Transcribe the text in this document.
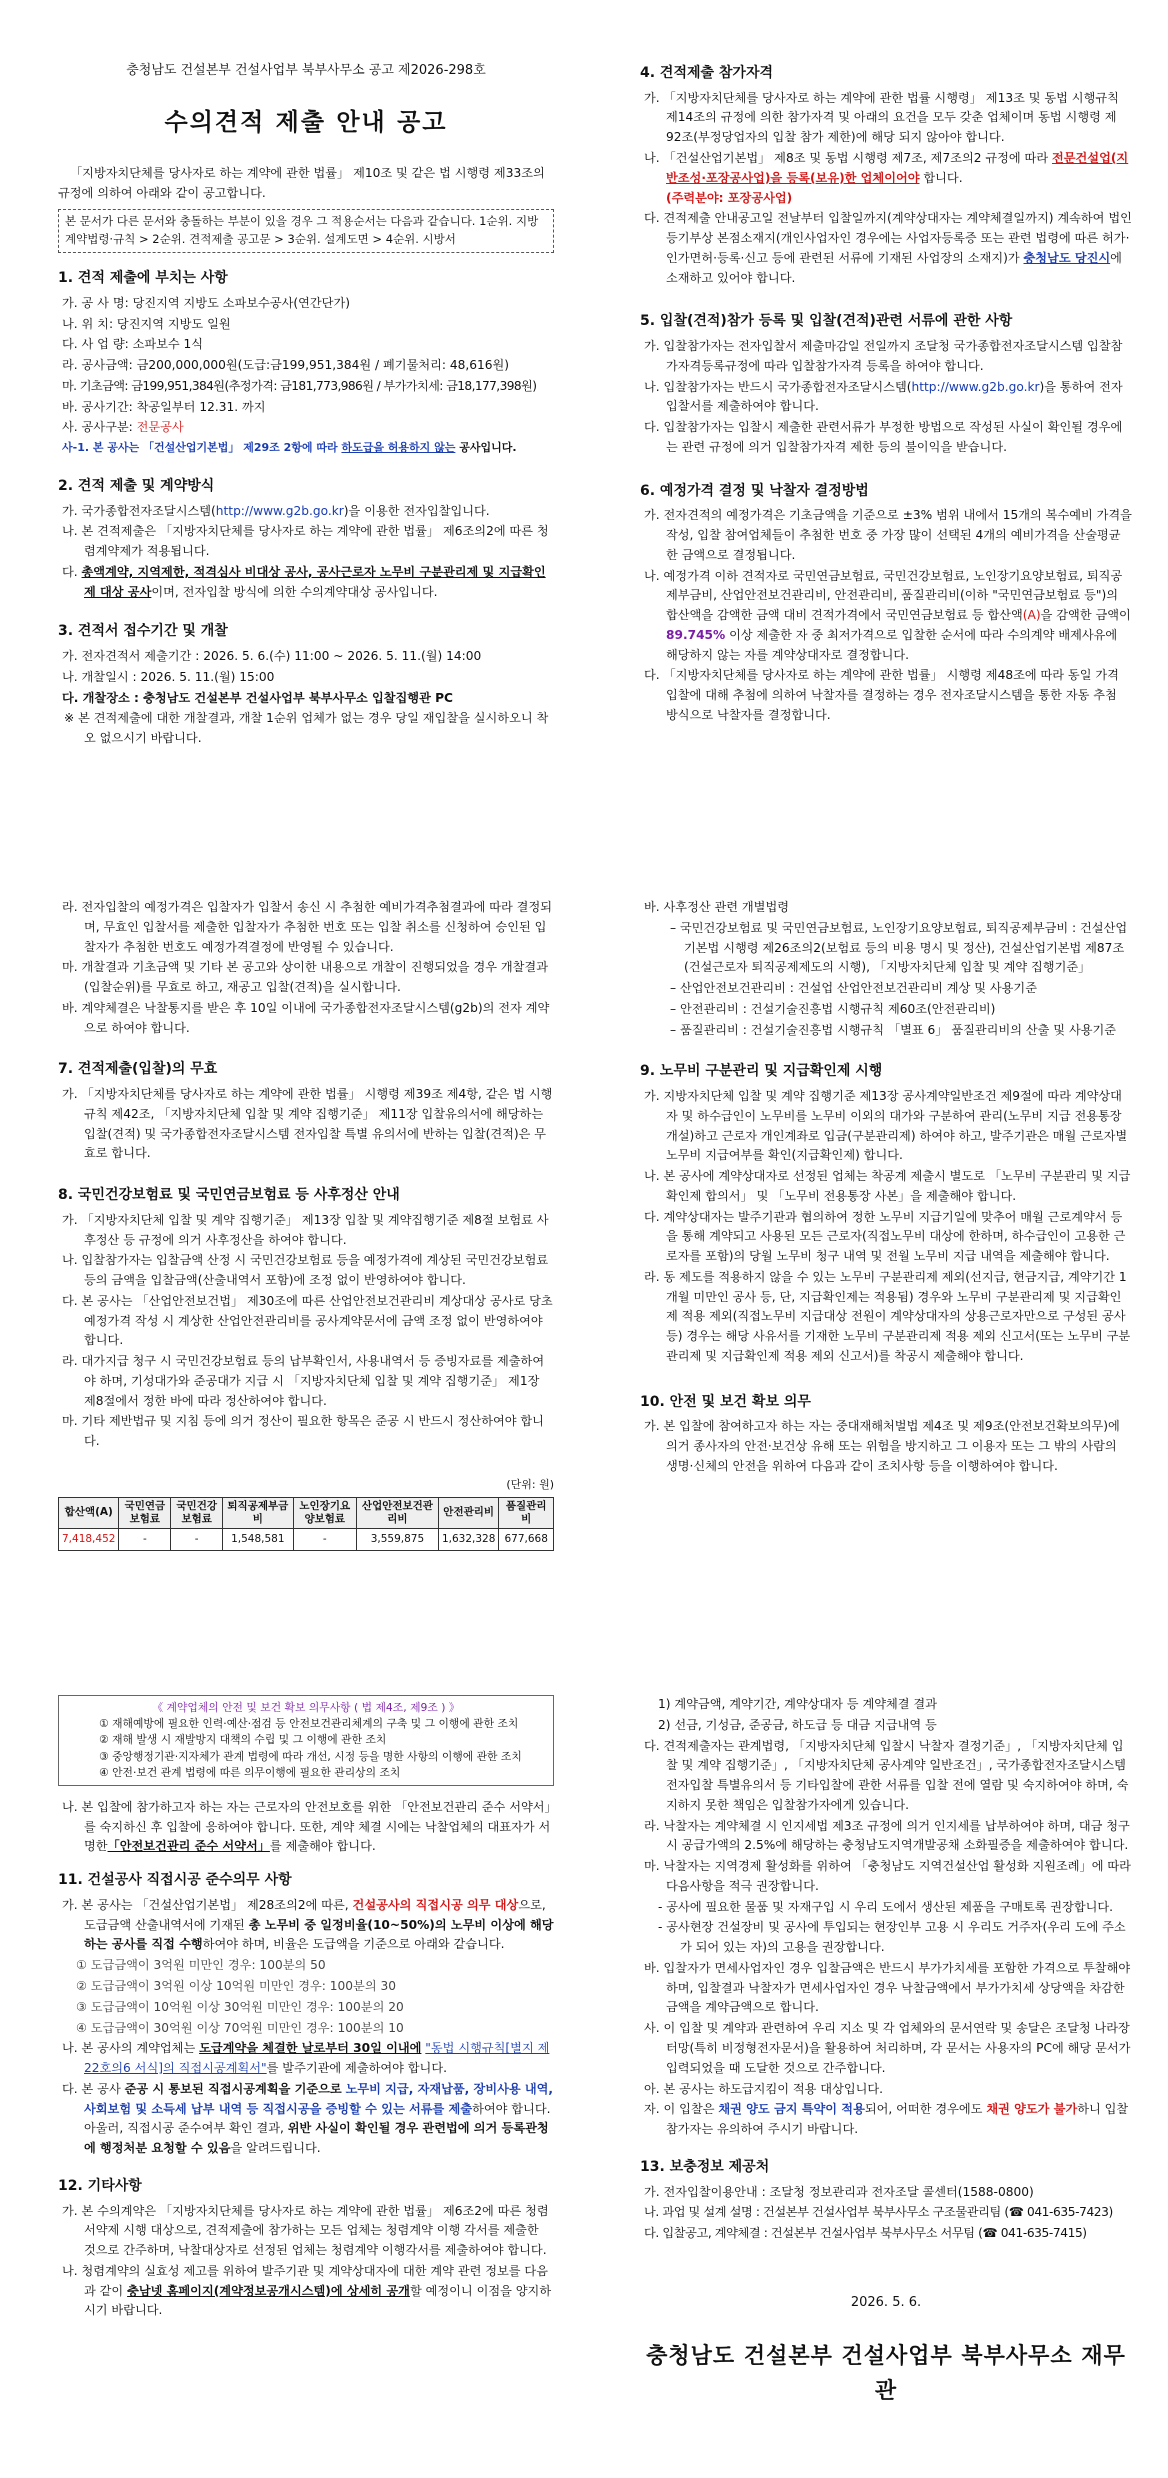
충청남도 건설본부 건설사업부 북부사무소 공고 제2026-298호
수의견적 제출 안내 공고

「지방자치단체를 당사자로 하는 계약에 관한 법률」 제10조 및 같은 법 시행령 제33조의 규정에 의하여 아래와 같이 공고합니다.

본 문서가 다른 문서와 충돌하는 부분이 있을 경우 그 적용순서는 다음과 같습니다. 1순위. 지방계약법령·규칙 > 2순위. 견적제출 공고문 > 3순위. 설계도면 > 4순위. 시방서
1. 견적 제출에 부치는 사항

가. 공 사 명: 당진지역 지방도 소파보수공사(연간단가)

나. 위 치: 당진지역 지방도 일원

다. 사 업 량: 소파보수 1식

라. 공사금액: 금200,000,000원(도급:금199,951,384원 / 폐기물처리: 48,616원)

마. 기초금액: 금199,951,384원(추정가격: 금181,773,986원 / 부가가치세: 금18,177,398원)

바. 공사기간: 착공일부터 12.31. 까지

사. 공사구분: 전문공사

사-1. 본 공사는 「건설산업기본법」 제29조 2항에 따라 하도급을 허용하지 않는 공사입니다.

2. 견적 제출 및 계약방식

가. 국가종합전자조달시스템(http://www.g2b.go.kr)을 이용한 전자입찰입니다.

나. 본 견적제출은 「지방자치단체를 당사자로 하는 계약에 관한 법률」 제6조의2에 따른 청렴계약제가 적용됩니다.

다. 총액계약, 지역제한, 적격심사 비대상 공사, 공사근로자 노무비 구분관리제 및 지급확인제 대상 공사이며, 전자입찰 방식에 의한 수의계약대상 공사입니다.

3. 견적서 접수기간 및 개찰

가. 전자견적서 제출기간 : 2026. 5. 6.(수) 11:00 ~ 2026. 5. 11.(월) 14:00

나. 개찰일시 : 2026. 5. 11.(월) 15:00

다. 개찰장소 : 충청남도 건설본부 건설사업부 북부사무소 입찰집행관 PC

※ 본 견적제출에 대한 개찰결과, 개찰 1순위 업체가 없는 경우 당일 재입찰을 실시하오니 착오 없으시기 바랍니다.

4. 견적제출 참가자격

가. 「지방자치단체를 당사자로 하는 계약에 관한 법률 시행령」 제13조 및 동법 시행규칙 제14조의 규정에 의한 참가자격 및 아래의 요건을 모두 갖춘 업체이며 동법 시행령 제92조(부정당업자의 입찰 참가 제한)에 해당 되지 않아야 합니다.

나. 「건설산업기본법」 제8조 및 동법 시행령 제7조, 제7조의2 규정에 따라 전문건설업(지반조성·포장공사업)을 등록(보유)한 업체이어야 합니다.
(주력분야: 포장공사업)

다. 견적제출 안내공고일 전날부터 입찰일까지(계약상대자는 계약체결일까지) 계속하여 법인등기부상 본점소재지(개인사업자인 경우에는 사업자등록증 또는 관련 법령에 따른 허가·인가면허·등록·신고 등에 관련된 서류에 기재된 사업장의 소재지)가 충청남도 당진시에 소재하고 있어야 합니다.

5. 입찰(견적)참가 등록 및 입찰(견적)관련 서류에 관한 사항

가. 입찰참가자는 전자입찰서 제출마감일 전일까지 조달청 국가종합전자조달시스템 입찰참가자격등록규정에 따라 입찰참가자격 등록을 하여야 합니다.

나. 입찰참가자는 반드시 국가종합전자조달시스템(http://www.g2b.go.kr)을 통하여 전자입찰서를 제출하여야 합니다.

다. 입찰참가자는 입찰시 제출한 관련서류가 부정한 방법으로 작성된 사실이 확인될 경우에는 관련 규정에 의거 입찰참가자격 제한 등의 불이익을 받습니다.

6. 예정가격 결정 및 낙찰자 결정방법

가. 전자견적의 예정가격은 기초금액을 기준으로 ±3% 범위 내에서 15개의 복수예비 가격을 작성, 입찰 참여업체들이 추첨한 번호 중 가장 많이 선택된 4개의 예비가격을 산술평균한 금액으로 결정됩니다.

나. 예정가격 이하 견적자로 국민연금보험료, 국민건강보험료, 노인장기요양보험료, 퇴직공제부금비, 산업안전보건관리비, 안전관리비, 품질관리비(이하 "국민연금보험료 등")의 합산액을 감액한 금액 대비 견적가격에서 국민연금보험료 등 합산액(A)을 감액한 금액이 89.745% 이상 제출한 자 중 최저가격으로 입찰한 순서에 따라 수의계약 배제사유에 해당하지 않는 자를 계약상대자로 결정합니다.

다. 「지방자치단체를 당사자로 하는 계약에 관한 법률」 시행령 제48조에 따라 동일 가격 입찰에 대해 추첨에 의하여 낙찰자를 결정하는 경우 전자조달시스템을 통한 자동 추첨 방식으로 낙찰자를 결정합니다.

라. 전자입찰의 예정가격은 입찰자가 입찰서 송신 시 추첨한 예비가격추첨결과에 따라 결정되며, 무효인 입찰서를 제출한 입찰자가 추첨한 번호 또는 입찰 취소를 신청하여 승인된 입찰자가 추첨한 번호도 예정가격결정에 반영될 수 있습니다.

마. 개찰결과 기초금액 및 기타 본 공고와 상이한 내용으로 개찰이 진행되었을 경우 개찰결과(입찰순위)를 무효로 하고, 재공고 입찰(견적)을 실시합니다.

바. 계약체결은 낙찰통지를 받은 후 10일 이내에 국가종합전자조달시스템(g2b)의 전자 계약으로 하여야 합니다.

7. 견적제출(입찰)의 무효

가. 「지방자치단체를 당사자로 하는 계약에 관한 법률」 시행령 제39조 제4항, 같은 법 시행규칙 제42조, 「지방자치단체 입찰 및 계약 집행기준」 제11장 입찰유의서에 해당하는 입찰(견적) 및 국가종합전자조달시스템 전자입찰 특별 유의서에 반하는 입찰(견적)은 무효로 합니다.

8. 국민건강보험료 및 국민연금보험료 등 사후정산 안내

가. 「지방자치단체 입찰 및 계약 집행기준」 제13장 입찰 및 계약집행기준 제8절 보험료 사후정산 등 규정에 의거 사후정산을 하여야 합니다.

나. 입찰참가자는 입찰금액 산정 시 국민건강보험료 등을 예정가격에 계상된 국민건강보험료 등의 금액을 입찰금액(산출내역서 포함)에 조정 없이 반영하여야 합니다.

다. 본 공사는 「산업안전보건법」 제30조에 따른 산업안전보건관리비 계상대상 공사로 당초예정가격 작성 시 계상한 산업안전관리비를 공사계약문서에 금액 조정 없이 반영하여야 합니다.

라. 대가지급 청구 시 국민건강보험료 등의 납부확인서, 사용내역서 등 증빙자료를 제출하여야 하며, 기성대가와 준공대가 지급 시 「지방자치단체 입찰 및 계약 집행기준」 제1장 제8절에서 정한 바에 따라 정산하여야 합니다.

마. 기타 제반법규 및 지침 등에 의거 정산이 필요한 항목은 준공 시 반드시 정산하여야 합니다.

(단위: 원)

합산액(A)	국민연금보험료	국민건강보험료	퇴직공제부금비	노인장기요양보험료	산업안전보건관리비	안전관리비	품질관리비
7,418,452	-	-	1,548,581	-	3,559,875	1,632,328	677,668

바. 사후정산 관련 개별법령

– 국민건강보험료 및 국민연금보험료, 노인장기요양보험료, 퇴직공제부금비 : 건설산업기본법 시행령 제26조의2(보험료 등의 비용 명시 및 정산), 건설산업기본법 제87조(건설근로자 퇴직공제제도의 시행), 「지방자치단체 입찰 및 계약 집행기준」

– 산업안전보건관리비 : 건설업 산업안전보건관리비 계상 및 사용기준

– 안전관리비 : 건설기술진흥법 시행규칙 제60조(안전관리비)

– 품질관리비 : 건설기술진흥법 시행규칙 「별표 6」 품질관리비의 산출 및 사용기준

9. 노무비 구분관리 및 지급확인제 시행

가. 지방자치단체 입찰 및 계약 집행기준 제13장 공사계약일반조건 제9절에 따라 계약상대자 및 하수급인이 노무비를 노무비 이외의 대가와 구분하여 관리(노무비 지급 전용통장 개설)하고 근로자 개인계좌로 입금(구분관리제) 하여야 하고, 발주기관은 매월 근로자별 노무비 지급여부를 확인(지급확인제) 합니다.

나. 본 공사에 계약상대자로 선정된 업체는 착공계 제출시 별도로 「노무비 구분관리 및 지급확인제 합의서」 및 「노무비 전용통장 사본」을 제출해야 합니다.

다. 계약상대자는 발주기관과 협의하여 정한 노무비 지급기일에 맞추어 매월 근로계약서 등을 통해 계약되고 사용된 모든 근로자(직접노무비 대상에 한하며, 하수급인이 고용한 근로자를 포함)의 당월 노무비 청구 내역 및 전월 노무비 지급 내역을 제출해야 합니다.

라. 동 제도를 적용하지 않을 수 있는 노무비 구분관리제 제외(선지급, 현금지급, 계약기간 1개월 미만인 공사 등, 단, 지급확인제는 적용됨) 경우와 노무비 구분관리제 및 지급확인제 적용 제외(직접노무비 지급대상 전원이 계약상대자의 상용근로자만으로 구성된 공사 등) 경우는 해당 사유서를 기재한 노무비 구분관리제 적용 제외 신고서(또는 노무비 구분관리제 및 지급확인제 적용 제외 신고서)를 착공시 제출해야 합니다.

10. 안전 및 보건 확보 의무

가. 본 입찰에 참여하고자 하는 자는 중대재해처벌법 제4조 및 제9조(안전보건확보의무)에 의거 종사자의 안전·보건상 유해 또는 위험을 방지하고 그 이용자 또는 그 밖의 사람의 생명·신체의 안전을 위하여 다음과 같이 조치사항 등을 이행하여야 합니다.

《 계약업체의 안전 및 보건 확보 의무사항 ( 법 제4조, 제9조 ) 》
① 재해예방에 필요한 인력·예산·점검 등 안전보건관리체계의 구축 및 그 이행에 관한 조치
② 재해 발생 시 재발방지 대책의 수립 및 그 이행에 관한 조치
③ 중앙행정기관·지자체가 관계 법령에 따라 개선, 시정 등을 명한 사항의 이행에 관한 조치
④ 안전·보건 관계 법령에 따른 의무이행에 필요한 관리상의 조치

나. 본 입찰에 참가하고자 하는 자는 근로자의 안전보호를 위한 「안전보건관리 준수 서약서」를 숙지하신 후 입찰에 응하여야 합니다. 또한, 계약 체결 시에는 낙찰업체의 대표자가 서명한「안전보건관리 준수 서약서」를 제출해야 합니다.

11. 건설공사 직접시공 준수의무 사항

가. 본 공사는 「건설산업기본법」 제28조의2에 따른, 건설공사의 직접시공 의무 대상으로, 도급금액 산출내역서에 기재된 총 노무비 중 일정비율(10~50%)의 노무비 이상에 해당하는 공사를 직접 수행하여야 하며, 비율은 도급액을 기준으로 아래와 같습니다.

① 도급금액이 3억원 미만인 경우: 100분의 50

② 도급금액이 3억원 이상 10억원 미만인 경우: 100분의 30

③ 도급금액이 10억원 이상 30억원 미만인 경우: 100분의 20

④ 도급금액이 30억원 이상 70억원 미만인 경우: 100분의 10

나. 본 공사의 계약업체는 도급계약을 체결한 날로부터 30일 이내에 "동법 시행규칙[별지 제22호의6 서식]의 직접시공계획서"를 발주기관에 제출하여야 합니다.

다. 본 공사 준공 시 통보된 직접시공계획을 기준으로 노무비 지급, 자재납품, 장비사용 내역, 사회보험 및 소득세 납부 내역 등 직접시공을 증빙할 수 있는 서류를 제출하여야 합니다. 아울러, 직접시공 준수여부 확인 결과, 위반 사실이 확인될 경우 관련법에 의거 등록관청에 행정처분 요청할 수 있음을 알려드립니다.

12. 기타사항

가. 본 수의계약은 「지방자치단체를 당사자로 하는 계약에 관한 법률」 제6조2에 따른 청렴서약제 시행 대상으로, 견적제출에 참가하는 모든 업체는 청렴계약 이행 각서를 제출한 것으로 간주하며, 낙찰대상자로 선정된 업체는 청렴계약 이행각서를 제출하여야 합니다.

나. 청렴계약의 실효성 제고를 위하여 발주기관 및 계약상대자에 대한 계약 관련 정보를 다음과 같이 충남넷 홈페이지(계약정보공개시스템)에 상세히 공개할 예정이니 이점을 양지하시기 바랍니다.

1) 계약금액, 계약기간, 계약상대자 등 계약체결 결과

2) 선금, 기성금, 준공금, 하도급 등 대금 지급내역 등

다. 견적제출자는 관계법령, 「지방자치단체 입찰시 낙찰자 결정기준」, 「지방자치단체 입찰 및 계약 집행기준」, 「지방자치단체 공사계약 일반조건」, 국가종합전자조달시스템 전자입찰 특별유의서 등 기타입찰에 관한 서류를 입찰 전에 열람 및 숙지하여야 하며, 숙지하지 못한 책임은 입찰참가자에게 있습니다.

라. 낙찰자는 계약체결 시 인지세법 제3조 규정에 의거 인지세를 납부하여야 하며, 대금 청구 시 공급가액의 2.5%에 해당하는 충청남도지역개발공채 소화필증을 제출하여야 합니다.

마. 낙찰자는 지역경제 활성화를 위하여 「충청남도 지역건설산업 활성화 지원조례」에 따라 다음사항을 적극 권장합니다.

- 공사에 필요한 물품 및 자재구입 시 우리 도에서 생산된 제품을 구매토록 권장합니다.

- 공사현장 건설장비 및 공사에 투입되는 현장인부 고용 시 우리도 거주자(우리 도에 주소가 되어 있는 자)의 고용을 권장합니다.

바. 입찰자가 면세사업자인 경우 입찰금액은 반드시 부가가치세를 포함한 가격으로 투찰해야 하며, 입찰결과 낙찰자가 면세사업자인 경우 낙찰금액에서 부가가치세 상당액을 차감한 금액을 계약금액으로 합니다.

사. 이 입찰 및 계약과 관련하여 우리 지소 및 각 업체와의 문서연락 및 송달은 조달청 나라장터망(특히 비정형전자문서)을 활용하여 처리하며, 각 문서는 사용자의 PC에 해당 문서가 입력되었을 때 도달한 것으로 간주합니다.

아. 본 공사는 하도급지킴이 적용 대상입니다.

자. 이 입찰은 채권 양도 금지 특약이 적용되어, 어떠한 경우에도 채권 양도가 불가하니 입찰 참가자는 유의하여 주시기 바랍니다.

13. 보충정보 제공처

가. 전자입찰이용안내 : 조달청 정보관리과 전자조달 콜센터(1588-0800)

나. 과업 및 설계 설명 : 건설본부 건설사업부 북부사무소 구조물관리팀 (☎ 041-635-7423)

다. 입찰공고, 계약체결 : 건설본부 건설사업부 북부사무소 서무팀 (☎ 041-635-7415)

2026. 5. 6.
충청남도 건설본부 건설사업부 북부사무소 재무관
